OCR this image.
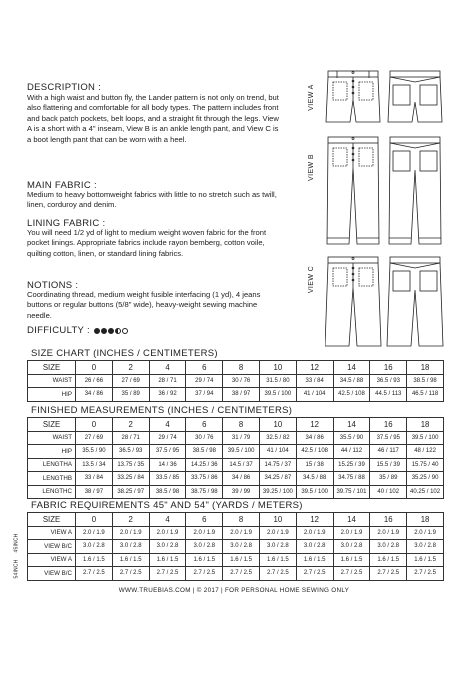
DESCRIPTION :
With a high waist and button fly, the Lander pattern is not only on trend, but also flattering and comfortable for all body types. The pattern includes front and back patch pockets, belt loops, and a straight fit through the legs. View A is a short with a 4" inseam, View B is an ankle length pant, and View C is a boot length pant that can be worn with a heel.
MAIN FABRIC :
Medium to heavy bottomweight fabrics with little to no stretch such as twill, linen, corduroy and denim.
LINING FABRIC :
You will need 1/2 yd of light to medium weight woven fabric for the front pocket linings. Appropriate fabrics include rayon bemberg, cotton voile, quilting cotton, linen, or standard lining fabrics.
NOTIONS :
Coordinating thread, medium weight fusible interfacing (1 yd), 4 jeans buttons or regular buttons (5/8" wide), heavy-weight sewing machine needle.
DIFFICULTY :
VIEW A
VIEW B
VIEW C
SIZE CHART (INCHES / CENTIMETERS)
SIZE	0	2	4	6	8	10	12	14	16	18
WAIST	26 / 66	27 / 69	28 / 71	29 / 74	30 / 76	31.5 / 80	33 / 84	34.5 / 88	36.5 / 93	38.5 / 98
HIP	34 / 86	35 / 89	36 / 92	37 / 94	38 / 97	39.5 / 100	41 / 104	42.5 / 108	44.5 / 113	46.5 / 118
FINISHED MEASUREMENTS (INCHES / CENTIMETERS)
SIZE	0	2	4	6	8	10	12	14	16	18
WAIST	27 / 69	28 / 71	29 / 74	30 / 76	31 / 79	32.5 / 82	34 / 86	35.5 / 90	37.5 / 95	39.5 / 100
HIP	35.5 / 90	36.5 / 93	37.5 / 95	38.5 / 98	39.5 / 100	41 / 104	42.5 / 108	44 / 112	46 / 117	48 / 122
LENGTHA	13.5 / 34	13.75 / 35	14 / 36	14.25 / 36	14.5 / 37	14.75 / 37	15 / 38	15.25 / 39	15.5 / 39	15.75 / 40
LENGTHB	33 / 84	33.25 / 84	33.5 / 85	33.75 / 86	34 / 86	34.25 / 87	34.5 / 88	34.75 / 88	35 / 89	35.25 / 90
LENGTHC	38 / 97	38.25 / 97	38.5 / 98	38.75 / 98	39 / 99	39.25 / 100	39.5 / 100	39.75 / 101	40 / 102	40.25 / 102
FABRIC REQUIREMENTS 45" AND 54" (YARDS / METERS)
SIZE	0	2	4	6	8	10	12	14	16	18
VIEW A	2.0 / 1.9	2.0 / 1.9	2.0 / 1.9	2.0 / 1.9	2.0 / 1.9	2.0 / 1.9	2.0 / 1.9	2.0 / 1.9	2.0 / 1.9	2.0 / 1.9
VIEW B/C	3.0 / 2.8	3.0 / 2.8	3.0 / 2.8	3.0 / 2.8	3.0 / 2.8	3.0 / 2.8	3.0 / 2.8	3.0 / 2.8	3.0 / 2.8	3.0 / 2.8
VIEW A	1.6 / 1.5	1.6 / 1.5	1.6 / 1.5	1.6 / 1.5	1.6 / 1.5	1.6 / 1.5	1.6 / 1.5	1.6 / 1.5	1.6 / 1.5	1.6 / 1.5
VIEW B/C	2.7 / 2.5	2.7 / 2.5	2.7 / 2.5	2.7 / 2.5	2.7 / 2.5	2.7 / 2.5	2.7 / 2.5	2.7 / 2.5	2.7 / 2.5	2.7 / 2.5
45INCH
54INCH
WWW.TRUEBIAS.COM | © 2017 | FOR PERSONAL HOME SEWING ONLY
